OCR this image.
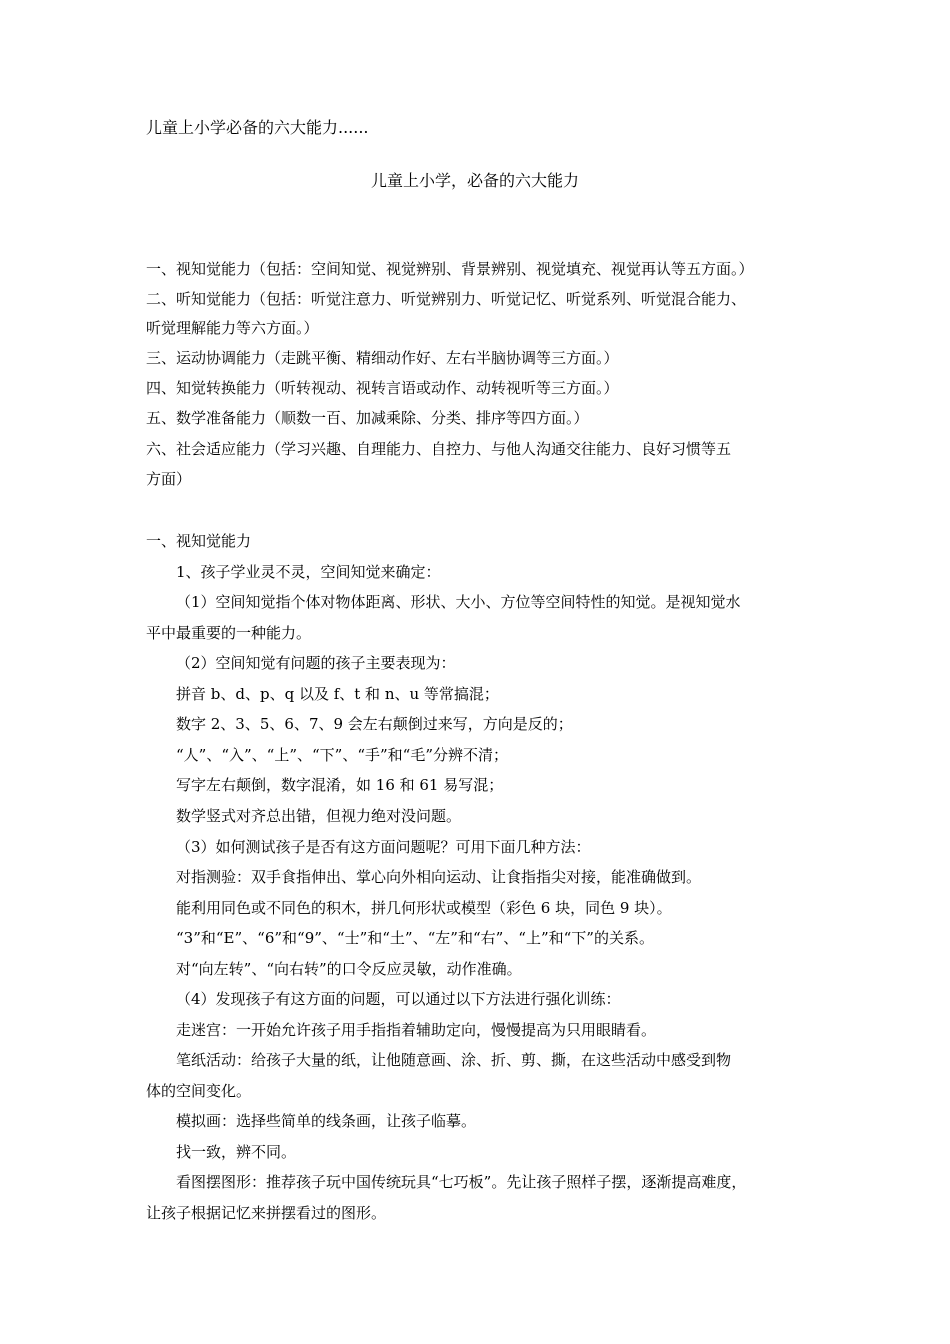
儿童上小学必备的六大能力......
儿童上小学，必备的六大能力
一、视知觉能力（包括：空间知觉、视觉辨别、背景辨别、视觉填充、视觉再认等五方面。）
二、听知觉能力（包括：听觉注意力、听觉辨别力、听觉记忆、听觉系列、听觉混合能力、
听觉理解能力等六方面。）
三、运动协调能力（走跳平衡、精细动作好、左右半脑协调等三方面。）
四、知觉转换能力（听转视动、视转言语或动作、动转视听等三方面。）
五、数学准备能力（顺数一百、加减乘除、分类、排序等四方面。）
六、社会适应能力（学习兴趣、自理能力、自控力、与他人沟通交往能力、良好习惯等五
方面）
一、视知觉能力
1、孩子学业灵不灵，空间知觉来确定：
（1）空间知觉指个体对物体距离、形状、大小、方位等空间特性的知觉。是视知觉水
平中最重要的一种能力。
（2）空间知觉有问题的孩子主要表现为：
拼音 b、d、p、q 以及 f、t 和 n、u 等常搞混；
数字 2、3、5、6、7、9 会左右颠倒过来写，方向是反的；
“人”、“入”、“上”、“下”、“手”和“毛”分辨不清；
写字左右颠倒，数字混淆，如 16 和 61 易写混；
数学竖式对齐总出错，但视力绝对没问题。
（3）如何测试孩子是否有这方面问题呢？可用下面几种方法：
对指测验：双手食指伸出、掌心向外相向运动、让食指指尖对接，能准确做到。
能利用同色或不同色的积木，拼几何形状或模型（彩色 6 块，同色 9 块）。
“3”和“E”、“6”和“9”、“士”和“土”、“左”和“右”、“上”和“下”的关系。
对“向左转”、“向右转”的口令反应灵敏，动作准确。
（4）发现孩子有这方面的问题，可以通过以下方法进行强化训练：
走迷宫：一开始允许孩子用手指指着辅助定向，慢慢提高为只用眼睛看。
笔纸活动：给孩子大量的纸，让他随意画、涂、折、剪、撕，在这些活动中感受到物
体的空间变化。
模拟画：选择些简单的线条画，让孩子临摹。
找一致，辨不同。
看图摆图形：推荐孩子玩中国传统玩具“七巧板”。先让孩子照样子摆，逐渐提高难度，
让孩子根据记忆来拼摆看过的图形。
